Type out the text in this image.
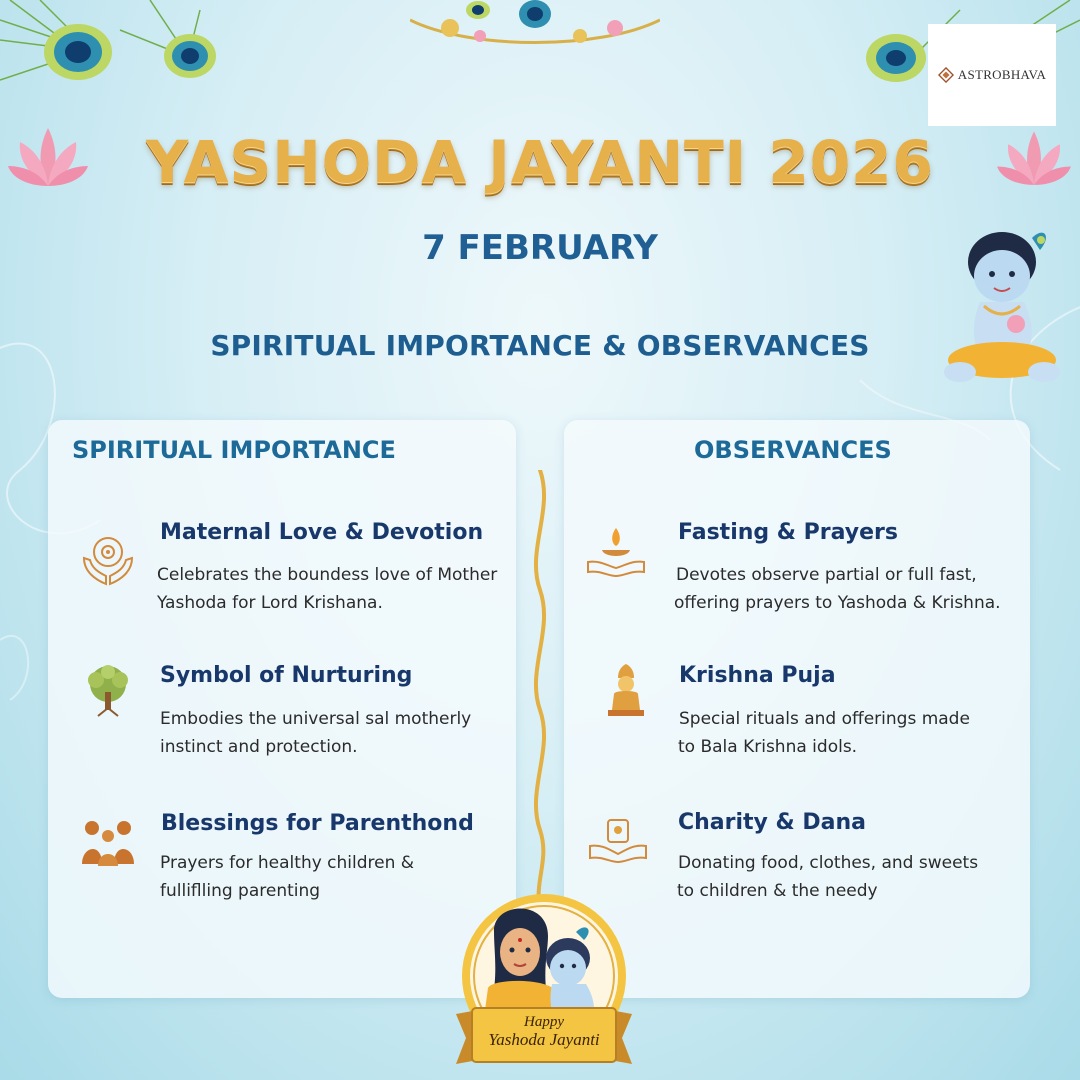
ASTROBHAVA
YASHODA JAYANTI 2026
7 FEBRUARY
SPIRITUAL IMPORTANCE & OBSERVANCES
SPIRITUAL IMPORTANCE
Maternal Love & Devotion
Celebrates the boundess love of Mother
Yashoda for Lord Krishana.
Symbol of Nurturing
Embodies the universal sal motherly
instinct and protection.
Blessings for Parenthond
Prayers for healthy children &
fulliflling parenting
OBSERVANCES
Fasting & Prayers
Devotes observe partial or full fast,
offering prayers to Yashoda & Krishna.
Krishna Puja
Special rituals and offerings made
to Bala Krishna idols.
Charity & Dana
Donating food, clothes, and sweets
to children & the needy
Happy
Yashoda Jayanti
